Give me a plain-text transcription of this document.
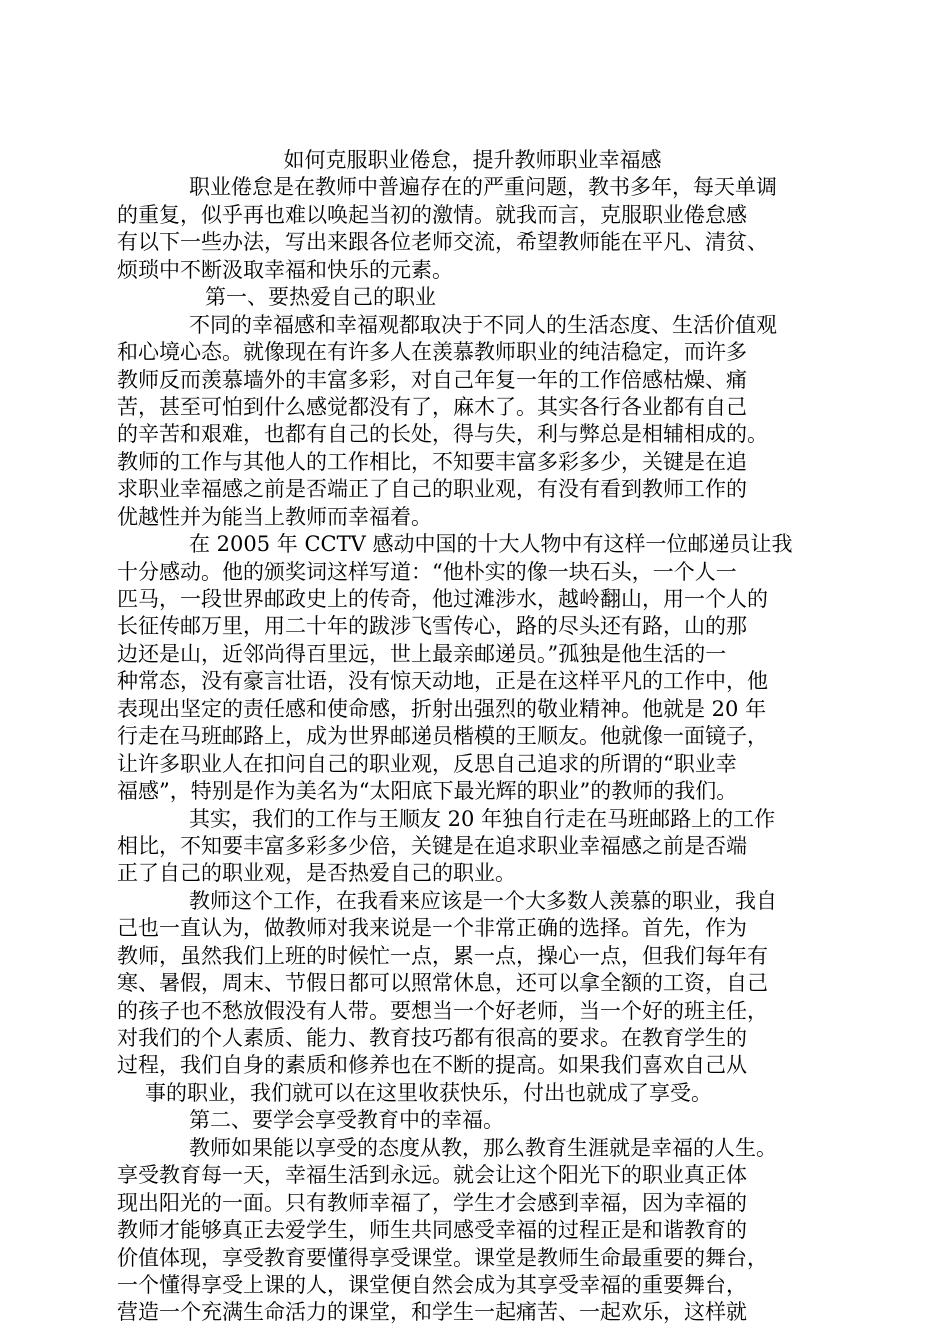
如何克服职业倦怠，提升教师职业幸福感
职业倦怠是在教师中普遍存在的严重问题，教书多年，每天单调
的重复，似乎再也难以唤起当初的激情。就我而言，克服职业倦怠感
有以下一些办法，写出来跟各位老师交流，希望教师能在平凡、清贫、
烦琐中不断汲取幸福和快乐的元素。
第一、要热爱自己的职业
不同的幸福感和幸福观都取决于不同人的生活态度、生活价值观
和心境心态。就像现在有许多人在羡慕教师职业的纯洁稳定，而许多
教师反而羡慕墙外的丰富多彩，对自己年复一年的工作倍感枯燥、痛
苦，甚至可怕到什么感觉都没有了，麻木了。其实各行各业都有自己
的辛苦和艰难，也都有自己的长处，得与失，利与弊总是相辅相成的。
教师的工作与其他人的工作相比，不知要丰富多彩多少，关键是在追
求职业幸福感之前是否端正了自己的职业观，有没有看到教师工作的
优越性并为能当上教师而幸福着。
在 2005 年 CCTV 感动中国的十大人物中有这样一位邮递员让我
十分感动。他的颁奖词这样写道：“他朴实的像一块石头，一个人一
匹马，一段世界邮政史上的传奇，他过滩涉水，越岭翻山，用一个人的
长征传邮万里，用二十年的跋涉飞雪传心，路的尽头还有路，山的那
边还是山，近邻尚得百里远，世上最亲邮递员。”孤独是他生活的一
种常态，没有豪言壮语，没有惊天动地，正是在这样平凡的工作中，他
表现出坚定的责任感和使命感，折射出强烈的敬业精神。他就是 20 年
行走在马班邮路上，成为世界邮递员楷模的王顺友。他就像一面镜子，
让许多职业人在扣问自己的职业观，反思自己追求的所谓的“职业幸
福感”，特别是作为美名为“太阳底下最光辉的职业”的教师的我们。
其实，我们的工作与王顺友 20 年独自行走在马班邮路上的工作
相比，不知要丰富多彩多少倍，关键是在追求职业幸福感之前是否端
正了自己的职业观，是否热爱自己的职业。
教师这个工作，在我看来应该是一个大多数人羡慕的职业，我自
己也一直认为，做教师对我来说是一个非常正确的选择。首先，作为
教师，虽然我们上班的时候忙一点，累一点，操心一点，但我们每年有
寒、暑假，周末、节假日都可以照常休息，还可以拿全额的工资，自己
的孩子也不愁放假没有人带。要想当一个好老师，当一个好的班主任，
对我们的个人素质、能力、教育技巧都有很高的要求。在教育学生的
过程，我们自身的素质和修养也在不断的提高。如果我们喜欢自己从
事的职业，我们就可以在这里收获快乐，付出也就成了享受。
第二、要学会享受教育中的幸福。
教师如果能以享受的态度从教，那么教育生涯就是幸福的人生。
享受教育每一天，幸福生活到永远。就会让这个阳光下的职业真正体
现出阳光的一面。只有教师幸福了，学生才会感到幸福，因为幸福的
教师才能够真正去爱学生，师生共同感受幸福的过程正是和谐教育的
价值体现，享受教育要懂得享受课堂。课堂是教师生命最重要的舞台，
一个懂得享受上课的人，课堂便自然会成为其享受幸福的重要舞台，
营造一个充满生命活力的课堂，和学生一起痛苦、一起欢乐，这样就
